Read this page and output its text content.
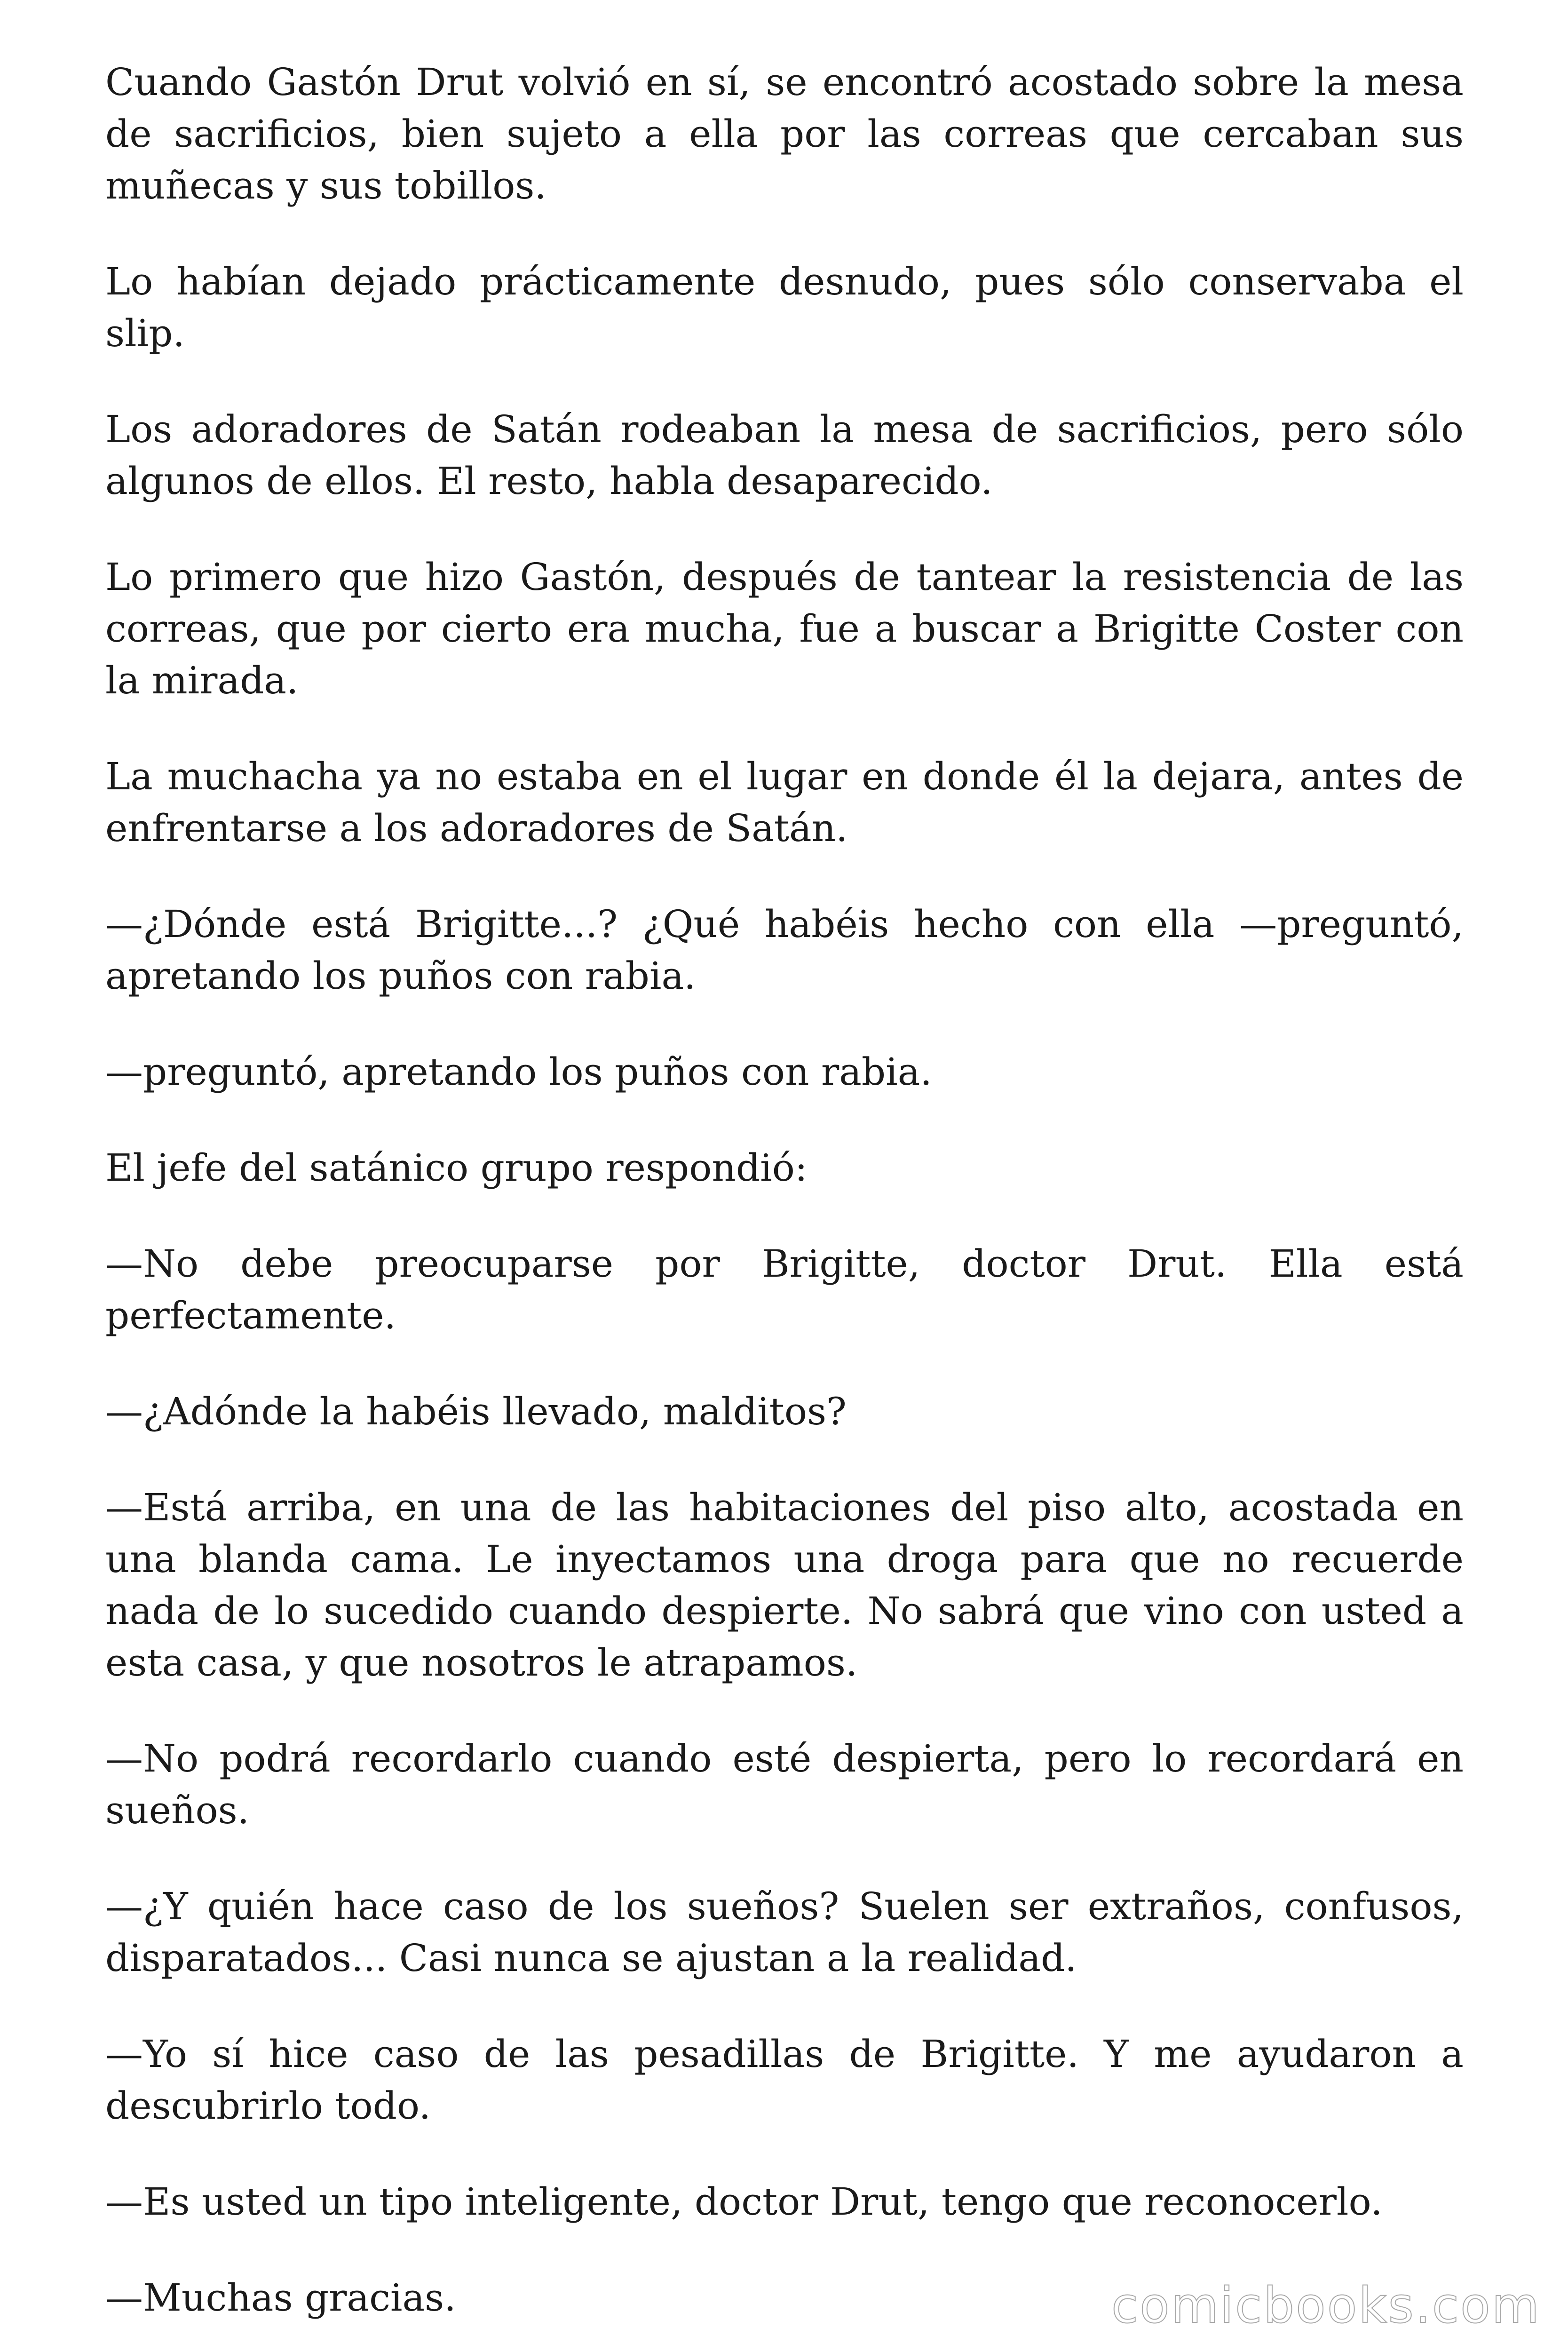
Cuando Gastón Drut volvió en sí, se encontró acostado sobre la mesa de sacrificios, bien sujeto a ella por las correas que cercaban sus muñecas y sus tobillos.

Lo habían dejado prácticamente desnudo, pues sólo conservaba el slip.

Los adoradores de Satán rodeaban la mesa de sacrificios, pero sólo algunos de ellos. El resto, habla desaparecido.

Lo primero que hizo Gastón, después de tantear la resistencia de las correas, que por cierto era mucha, fue a buscar a Brigitte Coster con la mirada.

La muchacha ya no estaba en el lugar en donde él la dejara, antes de enfrentarse a los adoradores de Satán.

—¿Dónde está Brigitte...? ¿Qué habéis hecho con ella —preguntó, apretando los puños con rabia.

—preguntó, apretando los puños con rabia.

El jefe del satánico grupo respondió:

—No debe preocuparse por Brigitte, doctor Drut. Ella está perfectamente.

—¿Adónde la habéis llevado, malditos?

—Está arriba, en una de las habitaciones del piso alto, acostada en una blanda cama. Le inyectamos una droga para que no recuerde nada de lo sucedido cuando despierte. No sabrá que vino con usted a esta casa, y que nosotros le atrapamos.

—No podrá recordarlo cuando esté despierta, pero lo recordará en sueños.

—¿Y quién hace caso de los sueños? Suelen ser extraños, confusos, disparatados... Casi nunca se ajustan a la realidad.

—Yo sí hice caso de las pesadillas de Brigitte. Y me ayudaron a descubrirlo todo.

—Es usted un tipo inteligente, doctor Drut, tengo que reconocerlo.

—Muchas gracias.	comicbooks.com
